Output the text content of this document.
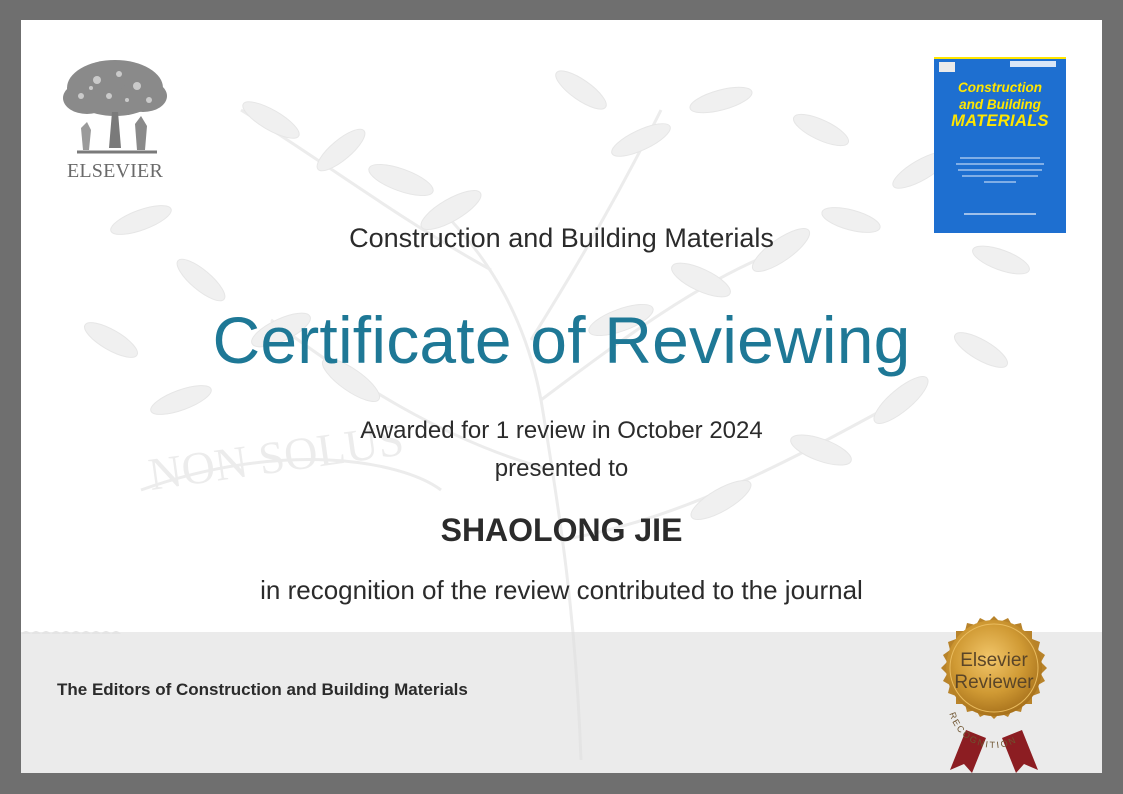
NON SOLUS
ELSEVIER
Construction
and Building
MATERIALS
Construction and Building Materials
Certificate of Reviewing
Awarded for 1 review in October 2024
presented to
SHAOLONG JIE
in recognition of the review contributed to the journal
The Editors of Construction and Building Materials
Elsevier
Reviewer
RECOGNITION
